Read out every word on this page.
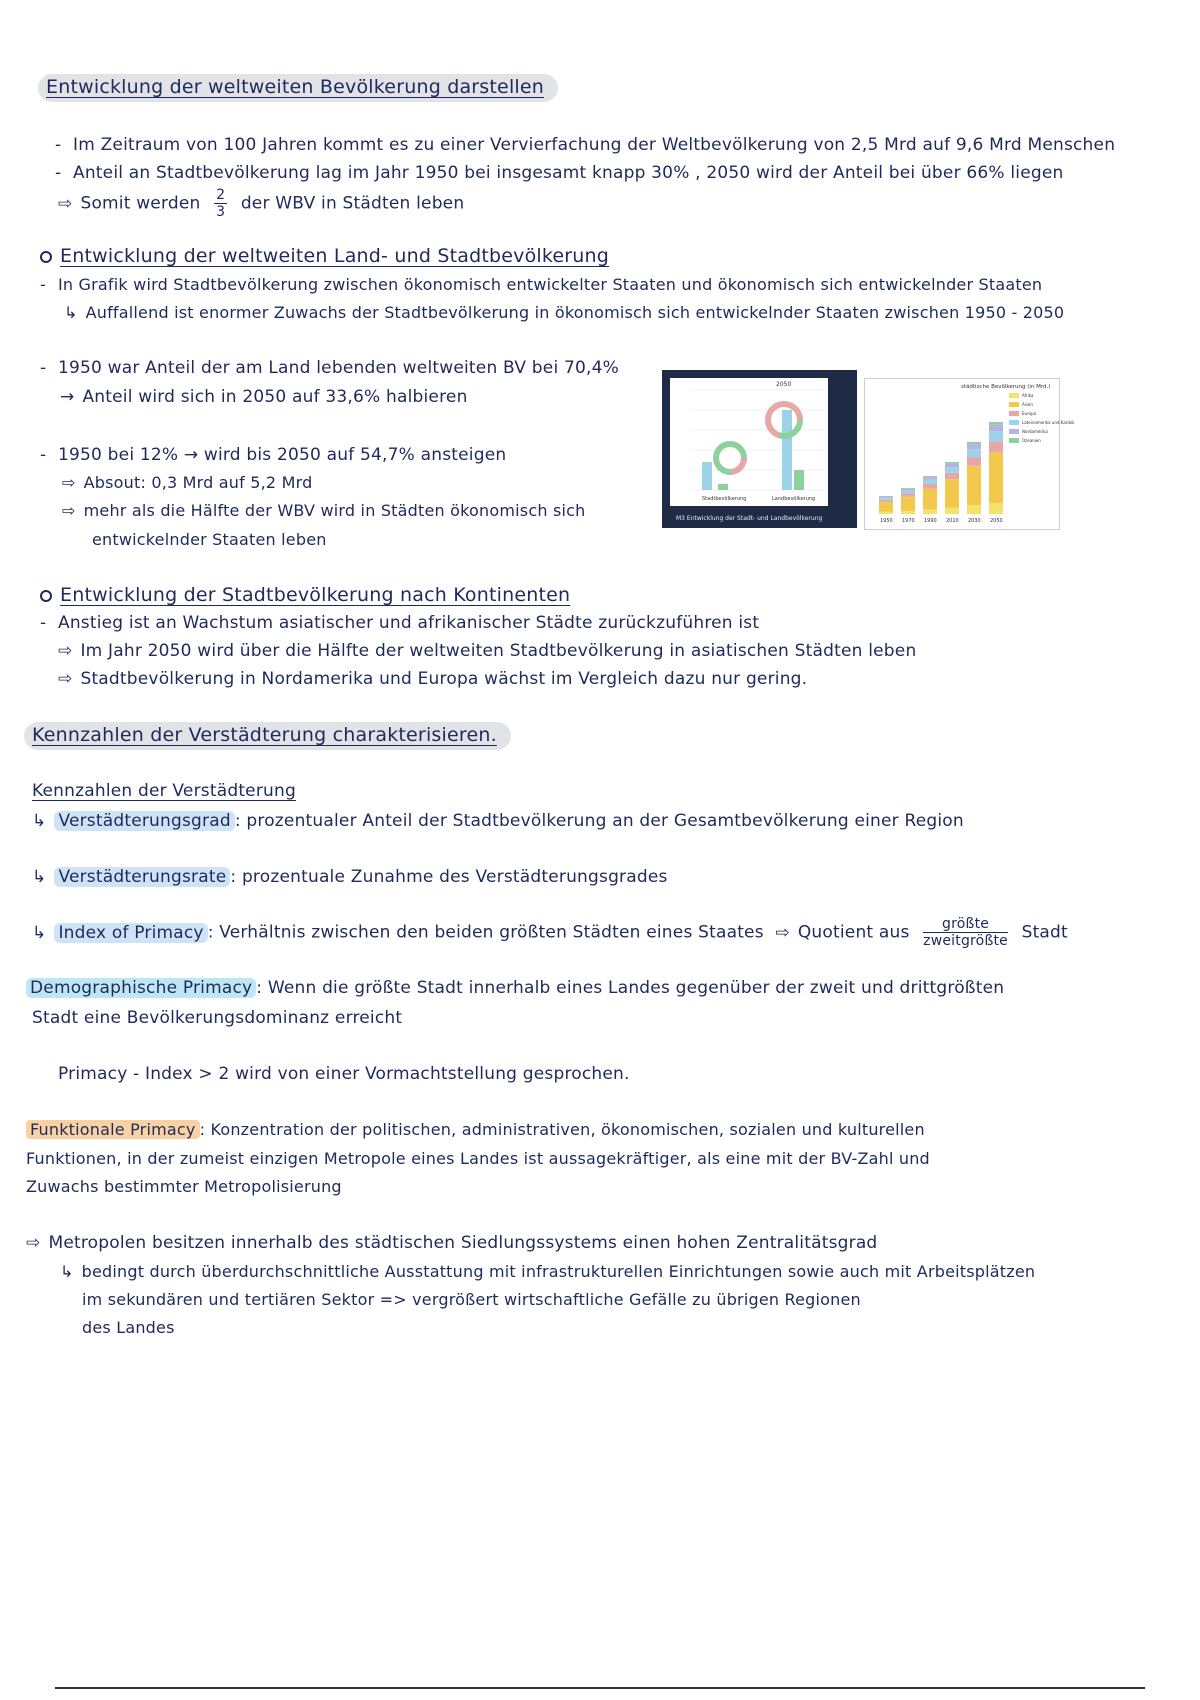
Entwicklung der weltweiten Bevölkerung darstellen
- Im Zeitraum von 100 Jahren kommt es zu einer Vervierfachung der Weltbevölkerung von 2,5 Mrd auf 9,6 Mrd Menschen
- Anteil an Stadtbevölkerung lag im Jahr 1950 bei insgesamt knapp 30% , 2050 wird der Anteil bei über 66% liegen
⇨ Somit werden $\frac{2}{3}$ der WBV in Städten leben
Entwicklung der weltweiten Land- und Stadtbevölkerung
- In Grafik wird Stadtbevölkerung zwischen ökonomisch entwickelter Staaten und ökonomisch sich entwickelnder Staaten
↳ Auffallend ist enormer Zuwachs der Stadtbevölkerung in ökonomisch sich entwickelnder Staaten zwischen 1950 - 2050
- 1950 war Anteil der am Land lebenden weltweiten BV bei 70,4%
→ Anteil wird sich in 2050 auf 33,6% halbieren
- 1950 bei 12% → wird bis 2050 auf 54,7% ansteigen
⇨ Absout: 0,3 Mrd auf 5,2 Mrd
⇨ mehr als die Hälfte der WBV wird in Städten ökonomisch sich
entwickelnder Staaten leben
2050
Stadtbevölkerung	Landbevölkerung
M3 Entwicklung der Stadt- und Landbevölkerung
städtische Bevölkerung (in Mrd.)
1950 1970 1990 2010 2030 2050
Afrika
Asien
Europa
Lateinamerika und Karibik
Nordamerika
Ozeanien
Entwicklung der Stadtbevölkerung nach Kontinenten
- Anstieg ist an Wachstum asiatischer und afrikanischer Städte zurückzuführen ist
⇨ Im Jahr 2050 wird über die Hälfte der weltweiten Stadtbevölkerung in asiatischen Städten leben
⇨ Stadtbevölkerung in Nordamerika und Europa wächst im Vergleich dazu nur gering.
Kennzahlen der Verstädterung charakterisieren.
Kennzahlen der Verstädterung
↳ Verstädterungsgrad : prozentualer Anteil der Stadtbevölkerung an der Gesamtbevölkerung einer Region
↳ Verstädterungsrate : prozentuale Zunahme des Verstädterungsgrades
↳ Index of Primacy : Verhältnis zwischen den beiden größten Städten eines Staates ⇨ Quotient aus $\frac{\text{größte}}{\text{zweitgrößte}}$ Stadt
Demographische Primacy : Wenn die größte Stadt innerhalb eines Landes gegenüber der zweit und drittgrößten
Stadt eine Bevölkerungsdominanz erreicht
Primacy - Index > 2 wird von einer Vormachtstellung gesprochen.
Funktionale Primacy : Konzentration der politischen, administrativen, ökonomischen, sozialen und kulturellen
Funktionen, in der zumeist einzigen Metropole eines Landes ist aussagekräftiger, als eine mit der BV-Zahl und
Zuwachs bestimmter Metropolisierung
⇨ Metropolen besitzen innerhalb des städtischen Siedlungssystems einen hohen Zentralitätsgrad
↳ bedingt durch überdurchschnittliche Ausstattung mit infrastrukturellen Einrichtungen sowie auch mit Arbeitsplätzen
im sekundären und tertiären Sektor => vergrößert wirtschaftliche Gefälle zu übrigen Regionen
des Landes
